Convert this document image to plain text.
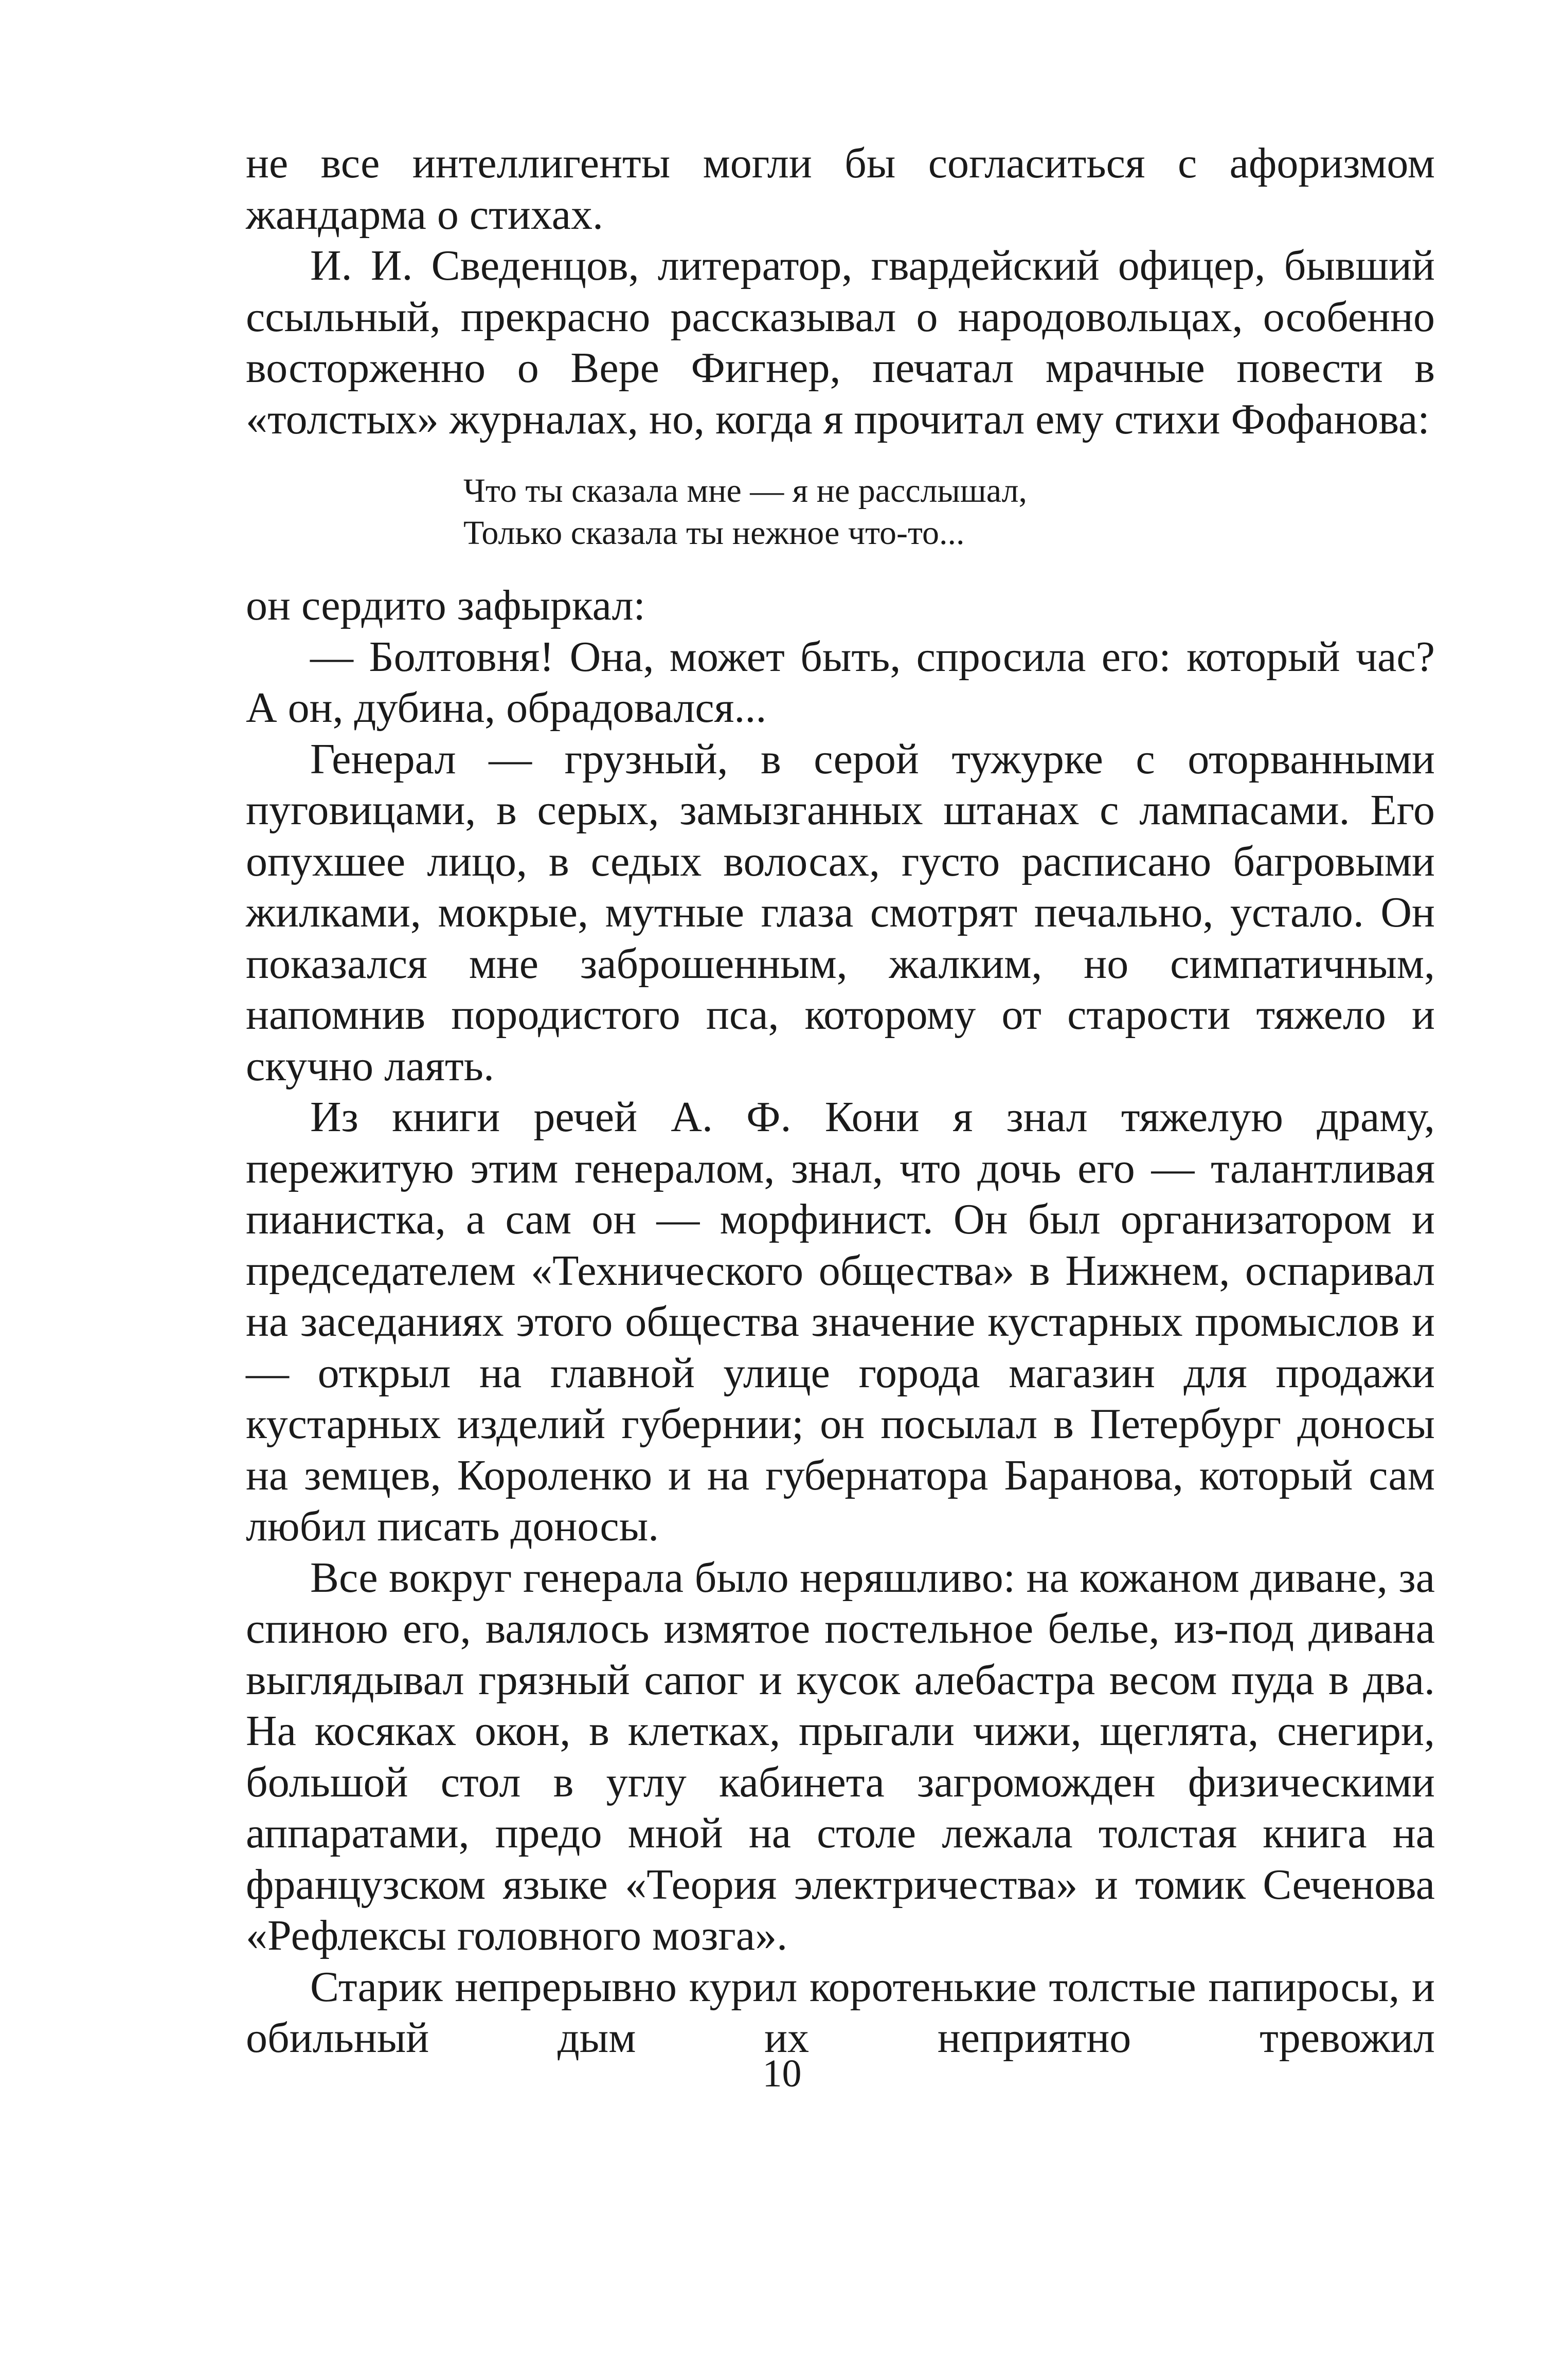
не все интеллигенты могли бы согласиться с афоризмом жандарма о стихах.

И. И. Сведенцов, литератор, гвардейский офицер, бывший ссыльный, прекрасно рассказывал о народовольцах, особенно восторженно о Вере Фигнер, печатал мрачные повести в «толстых» журналах, но, когда я прочитал ему стихи Фофанова:

Что ты сказала мне — я не расслышал,
Только сказала ты нежное что-то...

он сердито зафыркал:

— Болтовня! Она, может быть, спросила его: который час? А он, дубина, обрадовался...

Генерал — грузный, в серой тужурке с оторванными пуговицами, в серых, замызганных штанах с лампасами. Его опухшее лицо, в седых волосах, густо расписано багровыми жилками, мокрые, мутные глаза смотрят печально, устало. Он показался мне заброшенным, жалким, но симпатичным, напомнив породистого пса, которому от старости тяжело и скучно лаять.

Из книги речей А. Ф. Кони я знал тяжелую драму, пережитую этим генералом, знал, что дочь его — талантливая пианистка, а сам он — морфинист. Он был организатором и председателем «Технического общества» в Нижнем, оспаривал на заседаниях этого общества значение кустарных промыслов и — открыл на главной улице города магазин для продажи кустарных изделий губернии; он посылал в Петербург доносы на земцев, Короленко и на губернатора Баранова, который сам любил писать доносы.

Все вокруг генерала было неряшливо: на кожаном диване, за спиною его, валялось измятое постельное белье, из-под дивана выглядывал грязный сапог и кусок алебастра весом пуда в два. На косяках окон, в клетках, прыгали чижи, щеглята, снегири, большой стол в углу кабинета загроможден физическими аппаратами, предо мной на столе лежала толстая книга на французском языке «Теория электричества» и томик Сеченова «Рефлексы головного мозга».

Старик непрерывно курил коротенькие толстые папиросы, и обильный дым их неприятно тревожил

10
